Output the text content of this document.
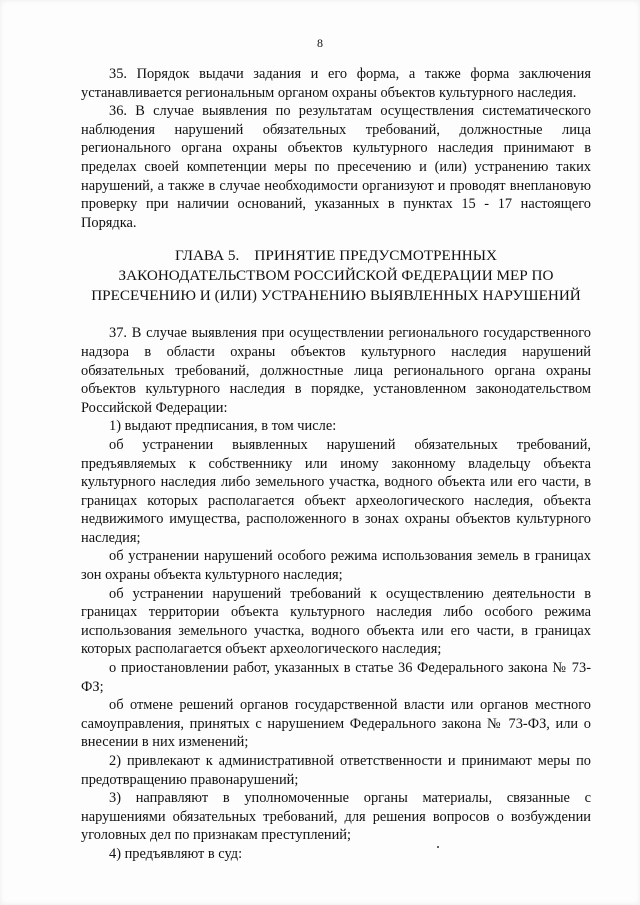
8

35. Порядок выдачи задания и его форма, а также форма заключения устанавливается региональным органом охраны объектов культурного наследия.

36. В случае выявления по результатам осуществления систематического наблюдения нарушений обязательных требований, должностные лица регионального органа охраны объектов культурного наследия принимают в пределах своей компетенции меры по пресечению и (или) устранению таких нарушений, а также в случае необходимости организуют и проводят внеплановую проверку при наличии оснований, указанных в пунктах 15 - 17 настоящего Порядка.

ГЛАВА 5.    ПРИНЯТИЕ ПРЕДУСМОТРЕННЫХ
ЗАКОНОДАТЕЛЬСТВОМ РОССИЙСКОЙ ФЕДЕРАЦИИ МЕР ПО
ПРЕСЕЧЕНИЮ И (ИЛИ) УСТРАНЕНИЮ ВЫЯВЛЕННЫХ НАРУШЕНИЙ

37. В случае выявления при осуществлении регионального государственного надзора в области охраны объектов культурного наследия нарушений обязательных требований, должностные лица регионального органа охраны объектов культурного наследия в порядке, установленном законодательством Российской Федерации:

1) выдают предписания, в том числе:

об устранении выявленных нарушений обязательных требований, предъявляемых к собственнику или иному законному владельцу объекта культурного наследия либо земельного участка, водного объекта или его части, в границах которых располагается объект археологического наследия, объекта недвижимого имущества, расположенного в зонах охраны объектов культурного наследия;

об устранении нарушений особого режима использования земель в границах зон охраны объекта культурного наследия;

об устранении нарушений требований к осуществлению деятельности в границах территории объекта культурного наследия либо особого режима использования земельного участка, водного объекта или его части, в границах которых располагается объект археологического наследия;

о приостановлении работ, указанных в статье 36 Федерального закона № 73-ФЗ;

об отмене решений органов государственной власти или органов местного самоуправления, принятых с нарушением Федерального закона № 73-ФЗ, или о внесении в них изменений;

2) привлекают к административной ответственности и принимают меры по предотвращению правонарушений;

3) направляют в уполномоченные органы материалы, связанные с нарушениями обязательных требований, для решения вопросов о возбуждении уголовных дел по признакам преступлений;

4) предъявляют в суд:
